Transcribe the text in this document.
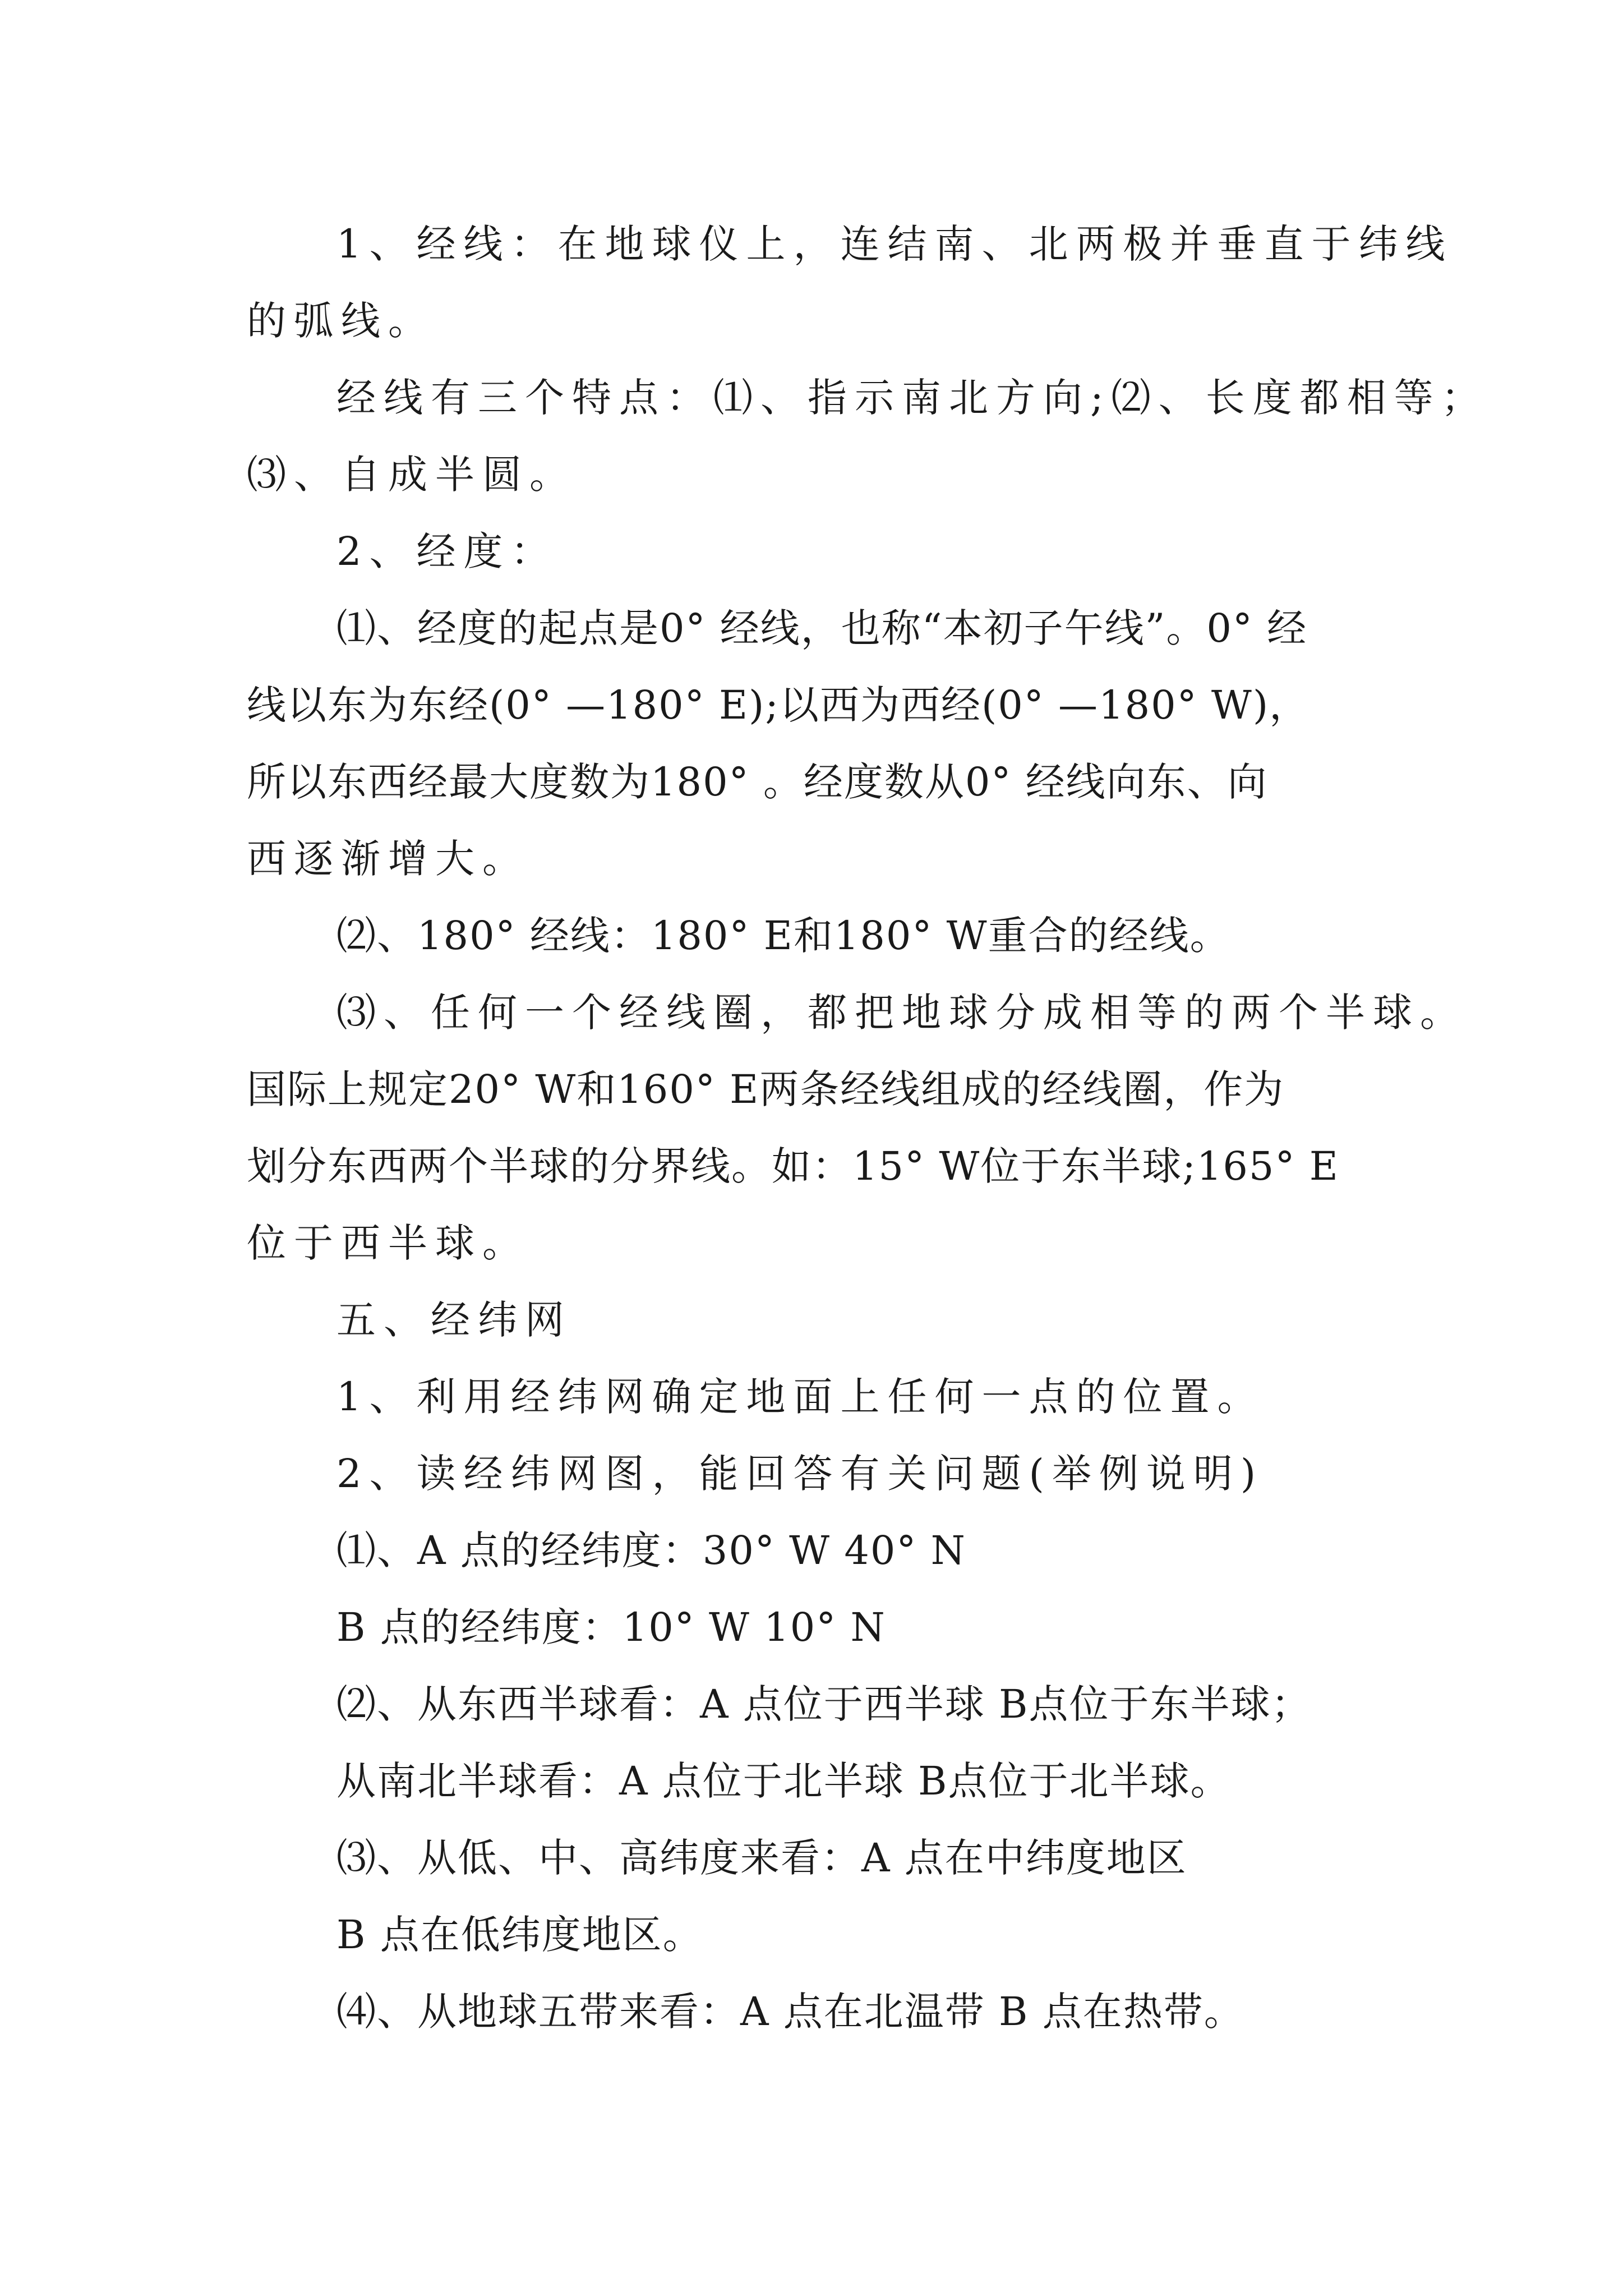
1、经线：在地球仪上，连结南、北两极并垂直于纬线
的弧线。
经线有三个特点：⑴、指示南北方向;⑵、长度都相等；
⑶、自成半圆。
2、经度：
⑴、经度的起点是0° 经线，也称“本初子午线”。0° 经
线以东为东经(0° —180° E);以西为西经(0° —180° W)，
所以东西经最大度数为180° 。经度数从0° 经线向东、向
西逐渐增大。
⑵、180° 经线：180° E和180° W重合的经线。
⑶、任何一个经线圈，都把地球分成相等的两个半球。
国际上规定20° W和160° E两条经线组成的经线圈，作为
划分东西两个半球的分界线。如：15° W位于东半球;165° E
位于西半球。
五、经纬网
1、利用经纬网确定地面上任何一点的位置。
2、读经纬网图，能回答有关问题(举例说明)
⑴、A 点的经纬度：30° W 40° N
B 点的经纬度：10° W 10° N
⑵、从东西半球看：A 点位于西半球 B点位于东半球；
从南北半球看：A 点位于北半球 B点位于北半球。
⑶、从低、中、高纬度来看：A 点在中纬度地区
B 点在低纬度地区。
⑷、从地球五带来看：A 点在北温带 B 点在热带。
